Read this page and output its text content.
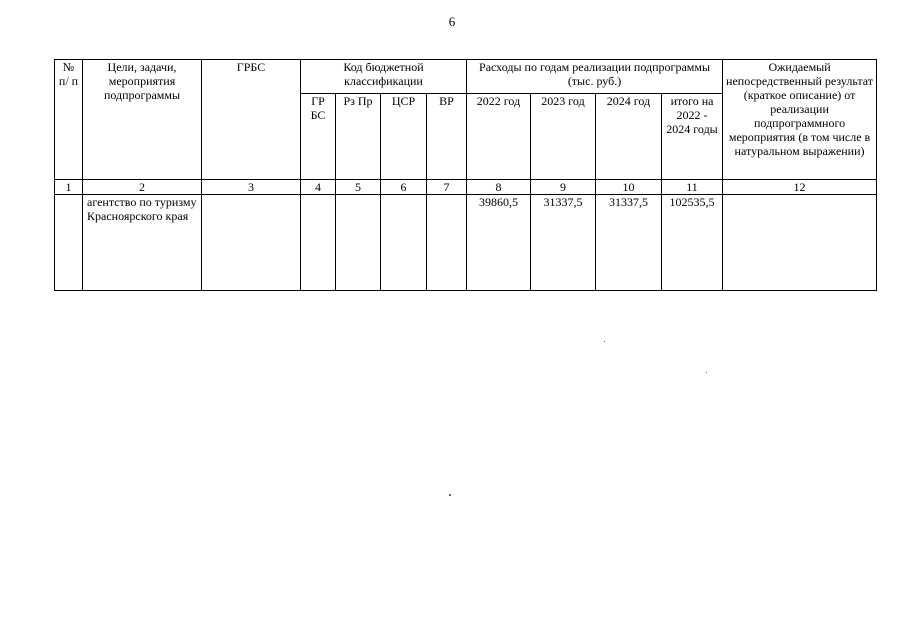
6
№ п/ п	Цели, задачи, мероприятия подпрограммы	ГРБС	Код бюджетной классификации				Расходы по годам реализации подпрограммы (тыс. руб.)				Ожидаемый непосредственный результат (краткое описание) от реализации подпрограммного мероприятия (в том числе в натуральном выражении)
			ГР БС	Рз Пр	ЦСР	ВР	2022 год	2023 год	2024 год	итого на 2022 - 2024 годы	
1	2	3	4	5	6	7	8	9	10	11	12
	агентство по туризму Красноярского края						39860,5	31337,5	31337,5	102535,5	
